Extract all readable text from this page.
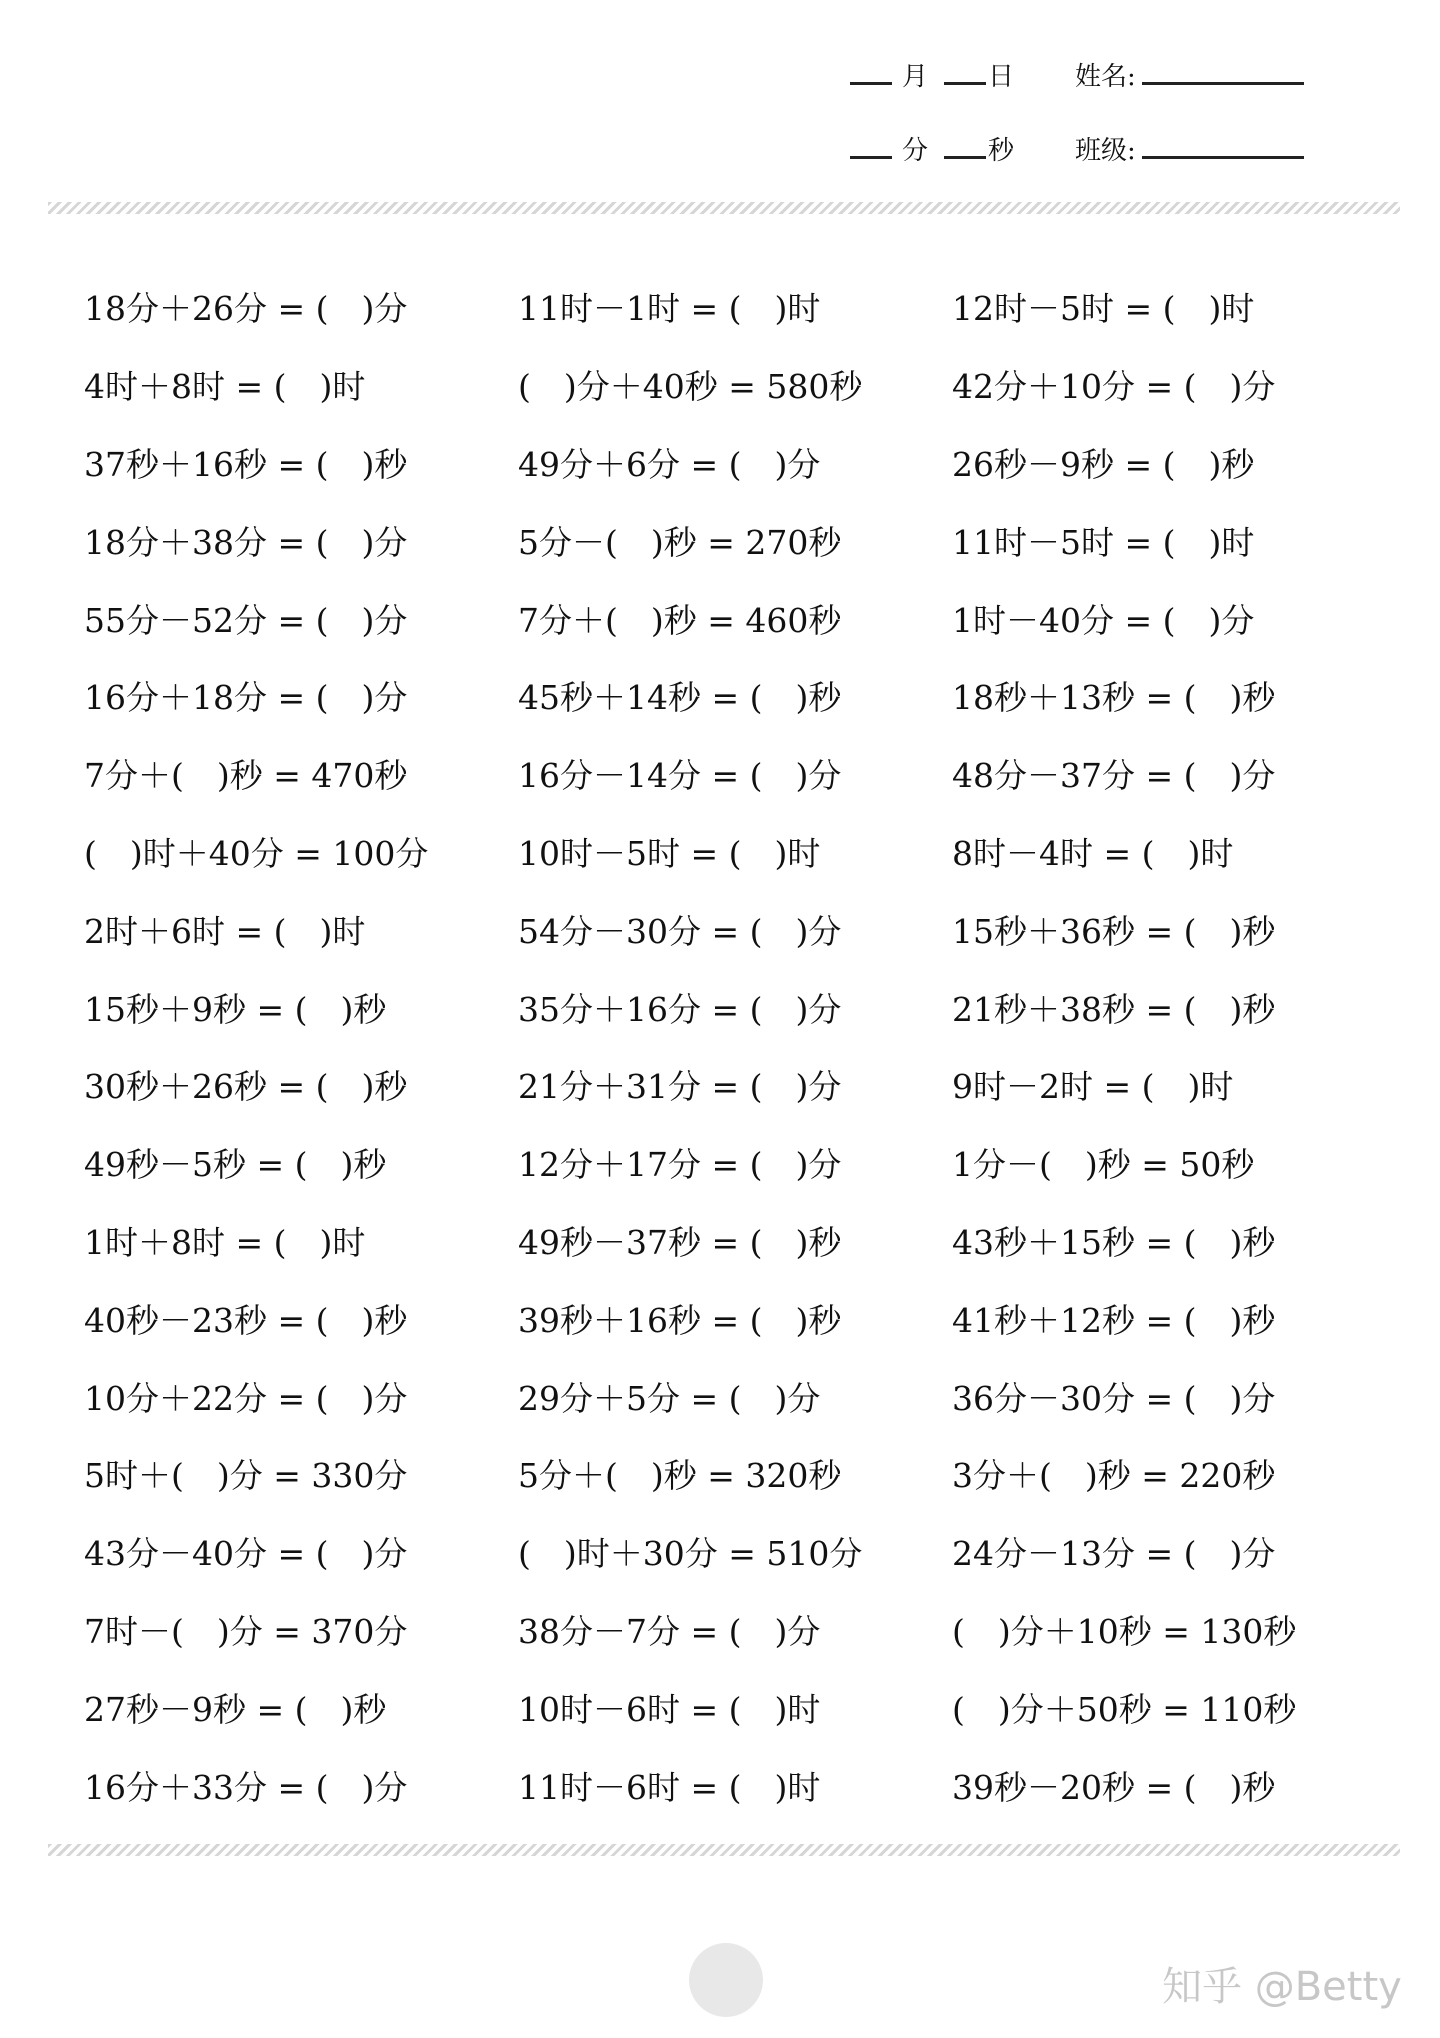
月 日 姓名:
分 秒 班级:
18分＋26分 = (　)分	11时－1时 = (　)时	12时－5时 = (　)时
4时＋8时 = (　)时	(　)分＋40秒 = 580秒	42分＋10分 = (　)分
37秒＋16秒 = (　)秒	49分＋6分 = (　)分	26秒－9秒 = (　)秒
18分＋38分 = (　)分	5分－(　)秒 = 270秒	11时－5时 = (　)时
55分－52分 = (　)分	7分＋(　)秒 = 460秒	1时－40分 = (　)分
16分＋18分 = (　)分	45秒＋14秒 = (　)秒	18秒＋13秒 = (　)秒
7分＋(　)秒 = 470秒	16分－14分 = (　)分	48分－37分 = (　)分
(　)时＋40分 = 100分	10时－5时 = (　)时	8时－4时 = (　)时
2时＋6时 = (　)时	54分－30分 = (　)分	15秒＋36秒 = (　)秒
15秒＋9秒 = (　)秒	35分＋16分 = (　)分	21秒＋38秒 = (　)秒
30秒＋26秒 = (　)秒	21分＋31分 = (　)分	9时－2时 = (　)时
49秒－5秒 = (　)秒	12分＋17分 = (　)分	1分－(　)秒 = 50秒
1时＋8时 = (　)时	49秒－37秒 = (　)秒	43秒＋15秒 = (　)秒
40秒－23秒 = (　)秒	39秒＋16秒 = (　)秒	41秒＋12秒 = (　)秒
10分＋22分 = (　)分	29分＋5分 = (　)分	36分－30分 = (　)分
5时＋(　)分 = 330分	5分＋(　)秒 = 320秒	3分＋(　)秒 = 220秒
43分－40分 = (　)分	(　)时＋30分 = 510分	24分－13分 = (　)分
7时－(　)分 = 370分	38分－7分 = (　)分	(　)分＋10秒 = 130秒
27秒－9秒 = (　)秒	10时－6时 = (　)时	(　)分＋50秒 = 110秒
16分＋33分 = (　)分	11时－6时 = (　)时	39秒－20秒 = (　)秒
知乎 @Betty
